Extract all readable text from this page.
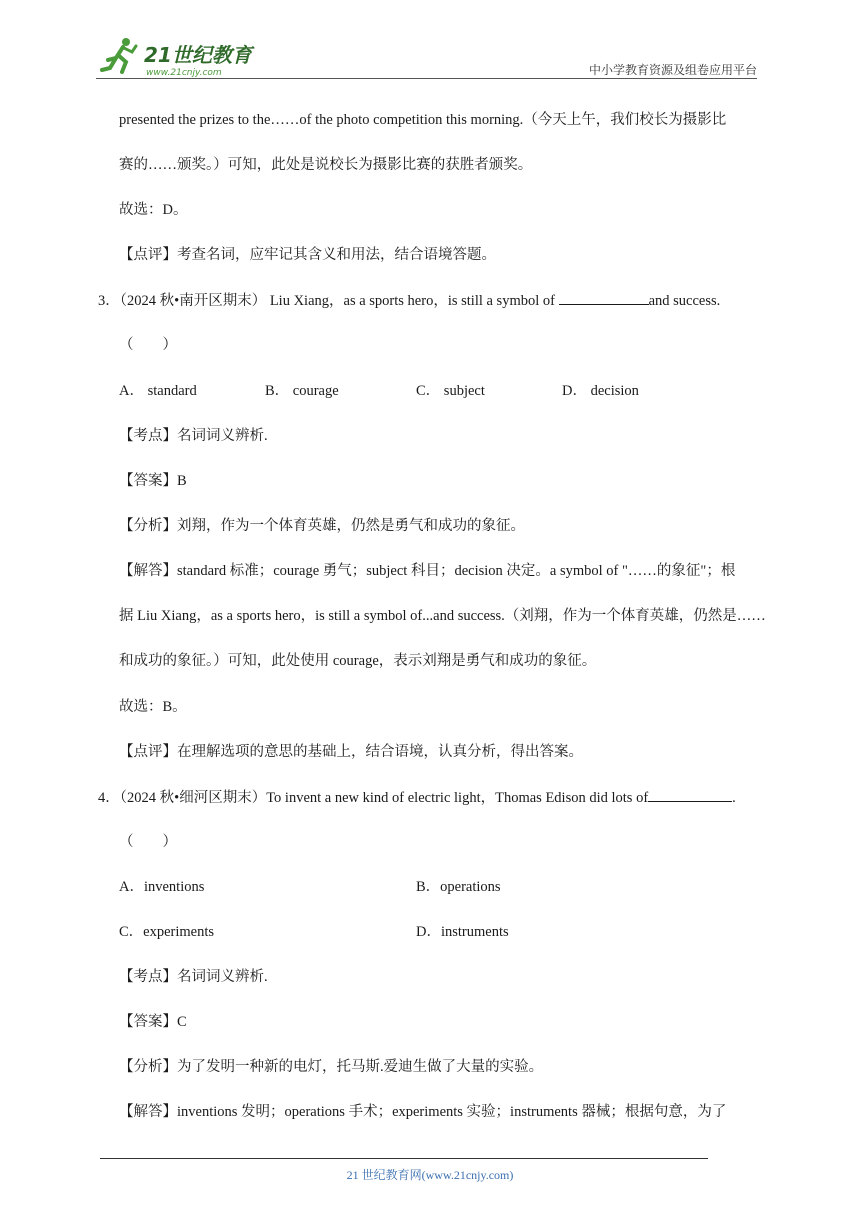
21世纪教育
www.21cnjy.com	中小学教育资源及组卷应用平台
presented the prizes to the……of the photo competition this morning.（今天上午，我们校长为摄影比
赛的……颁奖。）可知，此处是说校长为摄影比赛的获胜者颁奖。
故选：D。
【点评】考查名词，应牢记其含义和用法，结合语境答题。
3．（2024 秋•南开区期末） Liu Xiang，as a sports hero，is still a symbol of	and success.
（　　）
A． standard	B． courage	C． subject	D． decision
【考点】名词词义辨析.
【答案】B
【分析】刘翔，作为一个体育英雄，仍然是勇气和成功的象征。
【解答】standard 标准；courage 勇气；subject 科目；decision 决定。a symbol of "……的象征"；根
据 Liu Xiang，as a sports hero，is still a symbol of...and success.（刘翔，作为一个体育英雄，仍然是……
和成功的象征。）可知，此处使用 courage，表示刘翔是勇气和成功的象征。
故选：B。
【点评】在理解选项的意思的基础上，结合语境，认真分析，得出答案。
4．（2024 秋•细河区期末）To invent a new kind of electric light，Thomas Edison did lots of	.
（　　）
A．inventions	B．operations
C．experiments	D．instruments
【考点】名词词义辨析.
【答案】C
【分析】为了发明一种新的电灯，托马斯.爱迪生做了大量的实验。
【解答】inventions 发明；operations 手术；experiments 实验；instruments 器械；根据句意，为了
21 世纪教育网(www.21cnjy.com)
